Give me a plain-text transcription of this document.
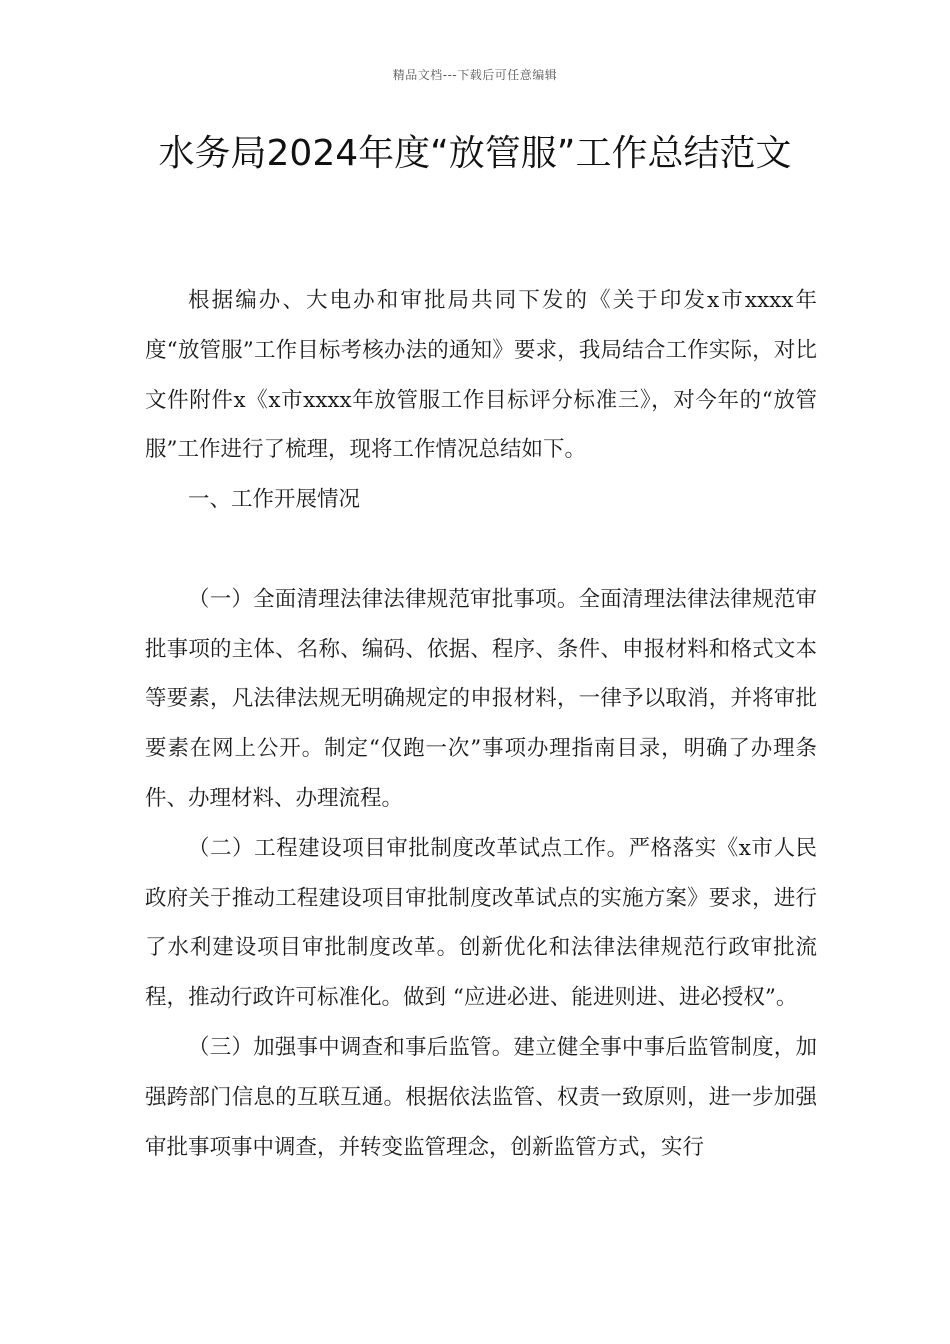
精品文档---下载后可任意编辑
水务局2024年度“放管服”工作总结范文

根据编办、大电办和审批局共同下发的《关于印发x市xxxx年度“放管服”工作目标考核办法的通知》要求，我局结合工作实际，对比文件附件x《x市xxxx年放管服工作目标评分标准三》，对今年的“放管服”工作进行了梳理，现将工作情况总结如下。

一、工作开展情况

（一）全面清理法律法律规范审批事项。全面清理法律法律规范审批事项的主体、名称、编码、依据、程序、条件、申报材料和格式文本等要素，凡法律法规无明确规定的申报材料，一律予以取消，并将审批要素在网上公开。制定“仅跑一次”事项办理指南目录，明确了办理条件、办理材料、办理流程。

（二）工程建设项目审批制度改革试点工作。严格落实《x市人民政府关于推动工程建设项目审批制度改革试点的实施方案》要求，进行了水利建设项目审批制度改革。创新优化和法律法律规范行政审批流程，推动行政许可标准化。做到 “应进必进、能进则进、进必授权”。

（三）加强事中调查和事后监管。建立健全事中事后监管制度，加强跨部门信息的互联互通。根据依法监管、权责一致原则，进一步加强审批事项事中调查，并转变监管理念，创新监管方式，实行
